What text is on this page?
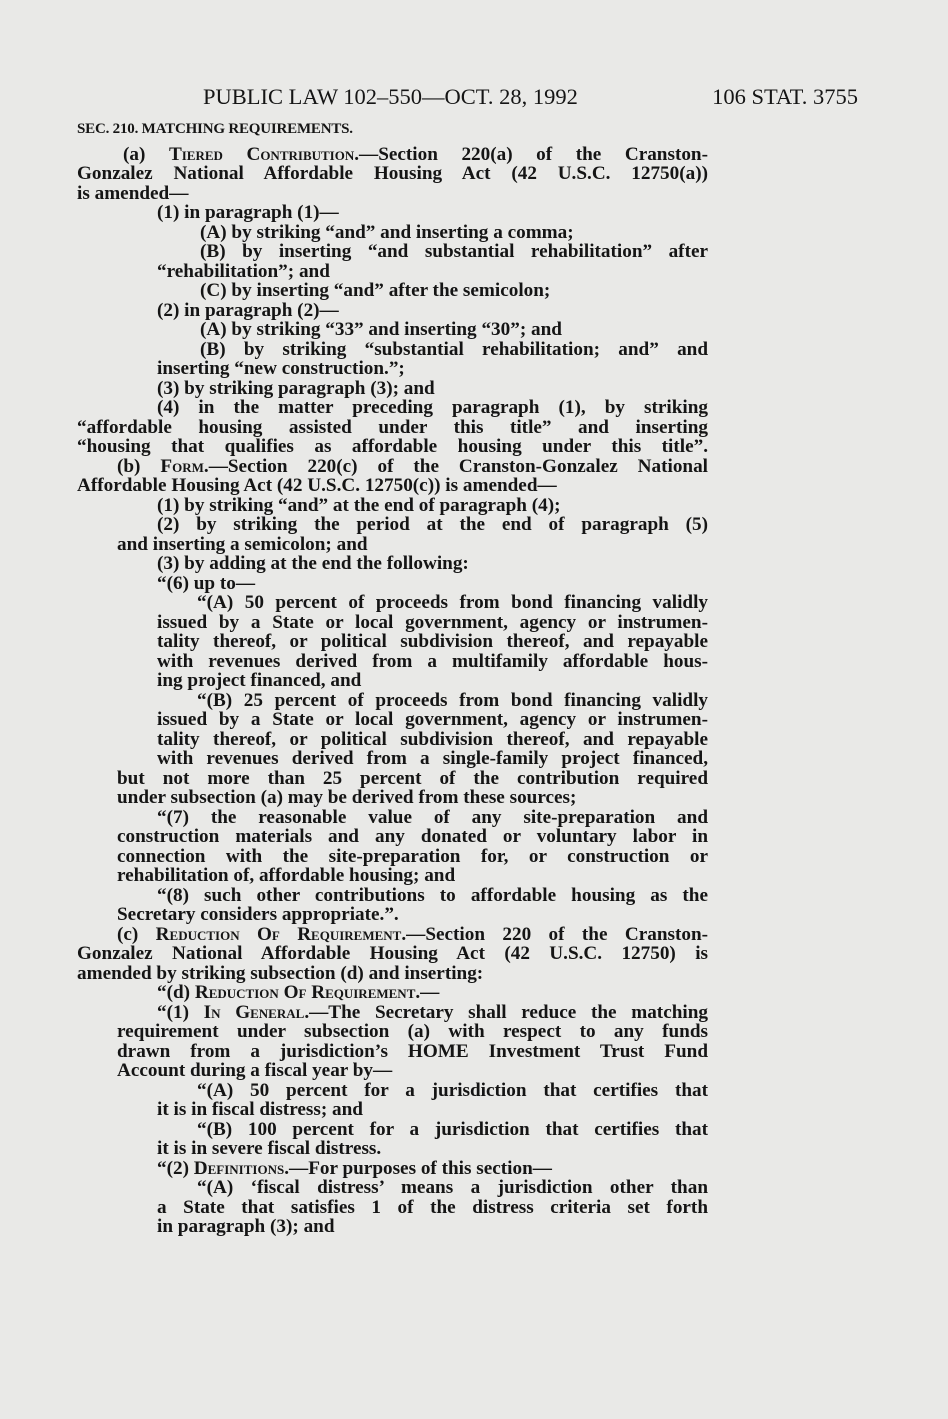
PUBLIC LAW 102–550—OCT. 28, 1992	106 STAT. 3755
SEC. 210. MATCHING REQUIREMENTS.
(a) Tiered Contribution.—Section 220(a) of the Cranston-
Gonzalez National Affordable Housing Act (42 U.S.C. 12750(a))
is amended—
(1) in paragraph (1)—
(A) by striking “and” and inserting a comma;
(B) by inserting “and substantial rehabilitation” after
“rehabilitation”; and
(C) by inserting “and” after the semicolon;
(2) in paragraph (2)—
(A) by striking “33” and inserting “30”; and
(B) by striking “substantial rehabilitation; and” and
inserting “new construction.”;
(3) by striking paragraph (3); and
(4) in the matter preceding paragraph (1), by striking
“affordable housing assisted under this title” and inserting
“housing that qualifies as affordable housing under this title”.
(b) Form.—Section 220(c) of the Cranston-Gonzalez National
Affordable Housing Act (42 U.S.C. 12750(c)) is amended—
(1) by striking “and” at the end of paragraph (4);
(2) by striking the period at the end of paragraph (5)
and inserting a semicolon; and
(3) by adding at the end the following:
“(6) up to—
“(A) 50 percent of proceeds from bond financing validly
issued by a State or local government, agency or instrumen-
tality thereof, or political subdivision thereof, and repayable
with revenues derived from a multifamily affordable hous-
ing project financed, and
“(B) 25 percent of proceeds from bond financing validly
issued by a State or local government, agency or instrumen-
tality thereof, or political subdivision thereof, and repayable
with revenues derived from a single-family project financed,
but not more than 25 percent of the contribution required
under subsection (a) may be derived from these sources;
“(7) the reasonable value of any site-preparation and
construction materials and any donated or voluntary labor in
connection with the site-preparation for, or construction or
rehabilitation of, affordable housing; and
“(8) such other contributions to affordable housing as the
Secretary considers appropriate.”.
(c) Reduction Of Requirement.—Section 220 of the Cranston-
Gonzalez National Affordable Housing Act (42 U.S.C. 12750) is
amended by striking subsection (d) and inserting:
“(d) Reduction Of Requirement.—
“(1) In General.—The Secretary shall reduce the matching
requirement under subsection (a) with respect to any funds
drawn from a jurisdiction’s HOME Investment Trust Fund
Account during a fiscal year by—
“(A) 50 percent for a jurisdiction that certifies that
it is in fiscal distress; and
“(B) 100 percent for a jurisdiction that certifies that
it is in severe fiscal distress.
“(2) Definitions.—For purposes of this section—
“(A) ‘fiscal distress’ means a jurisdiction other than
a State that satisfies 1 of the distress criteria set forth
in paragraph (3); and
